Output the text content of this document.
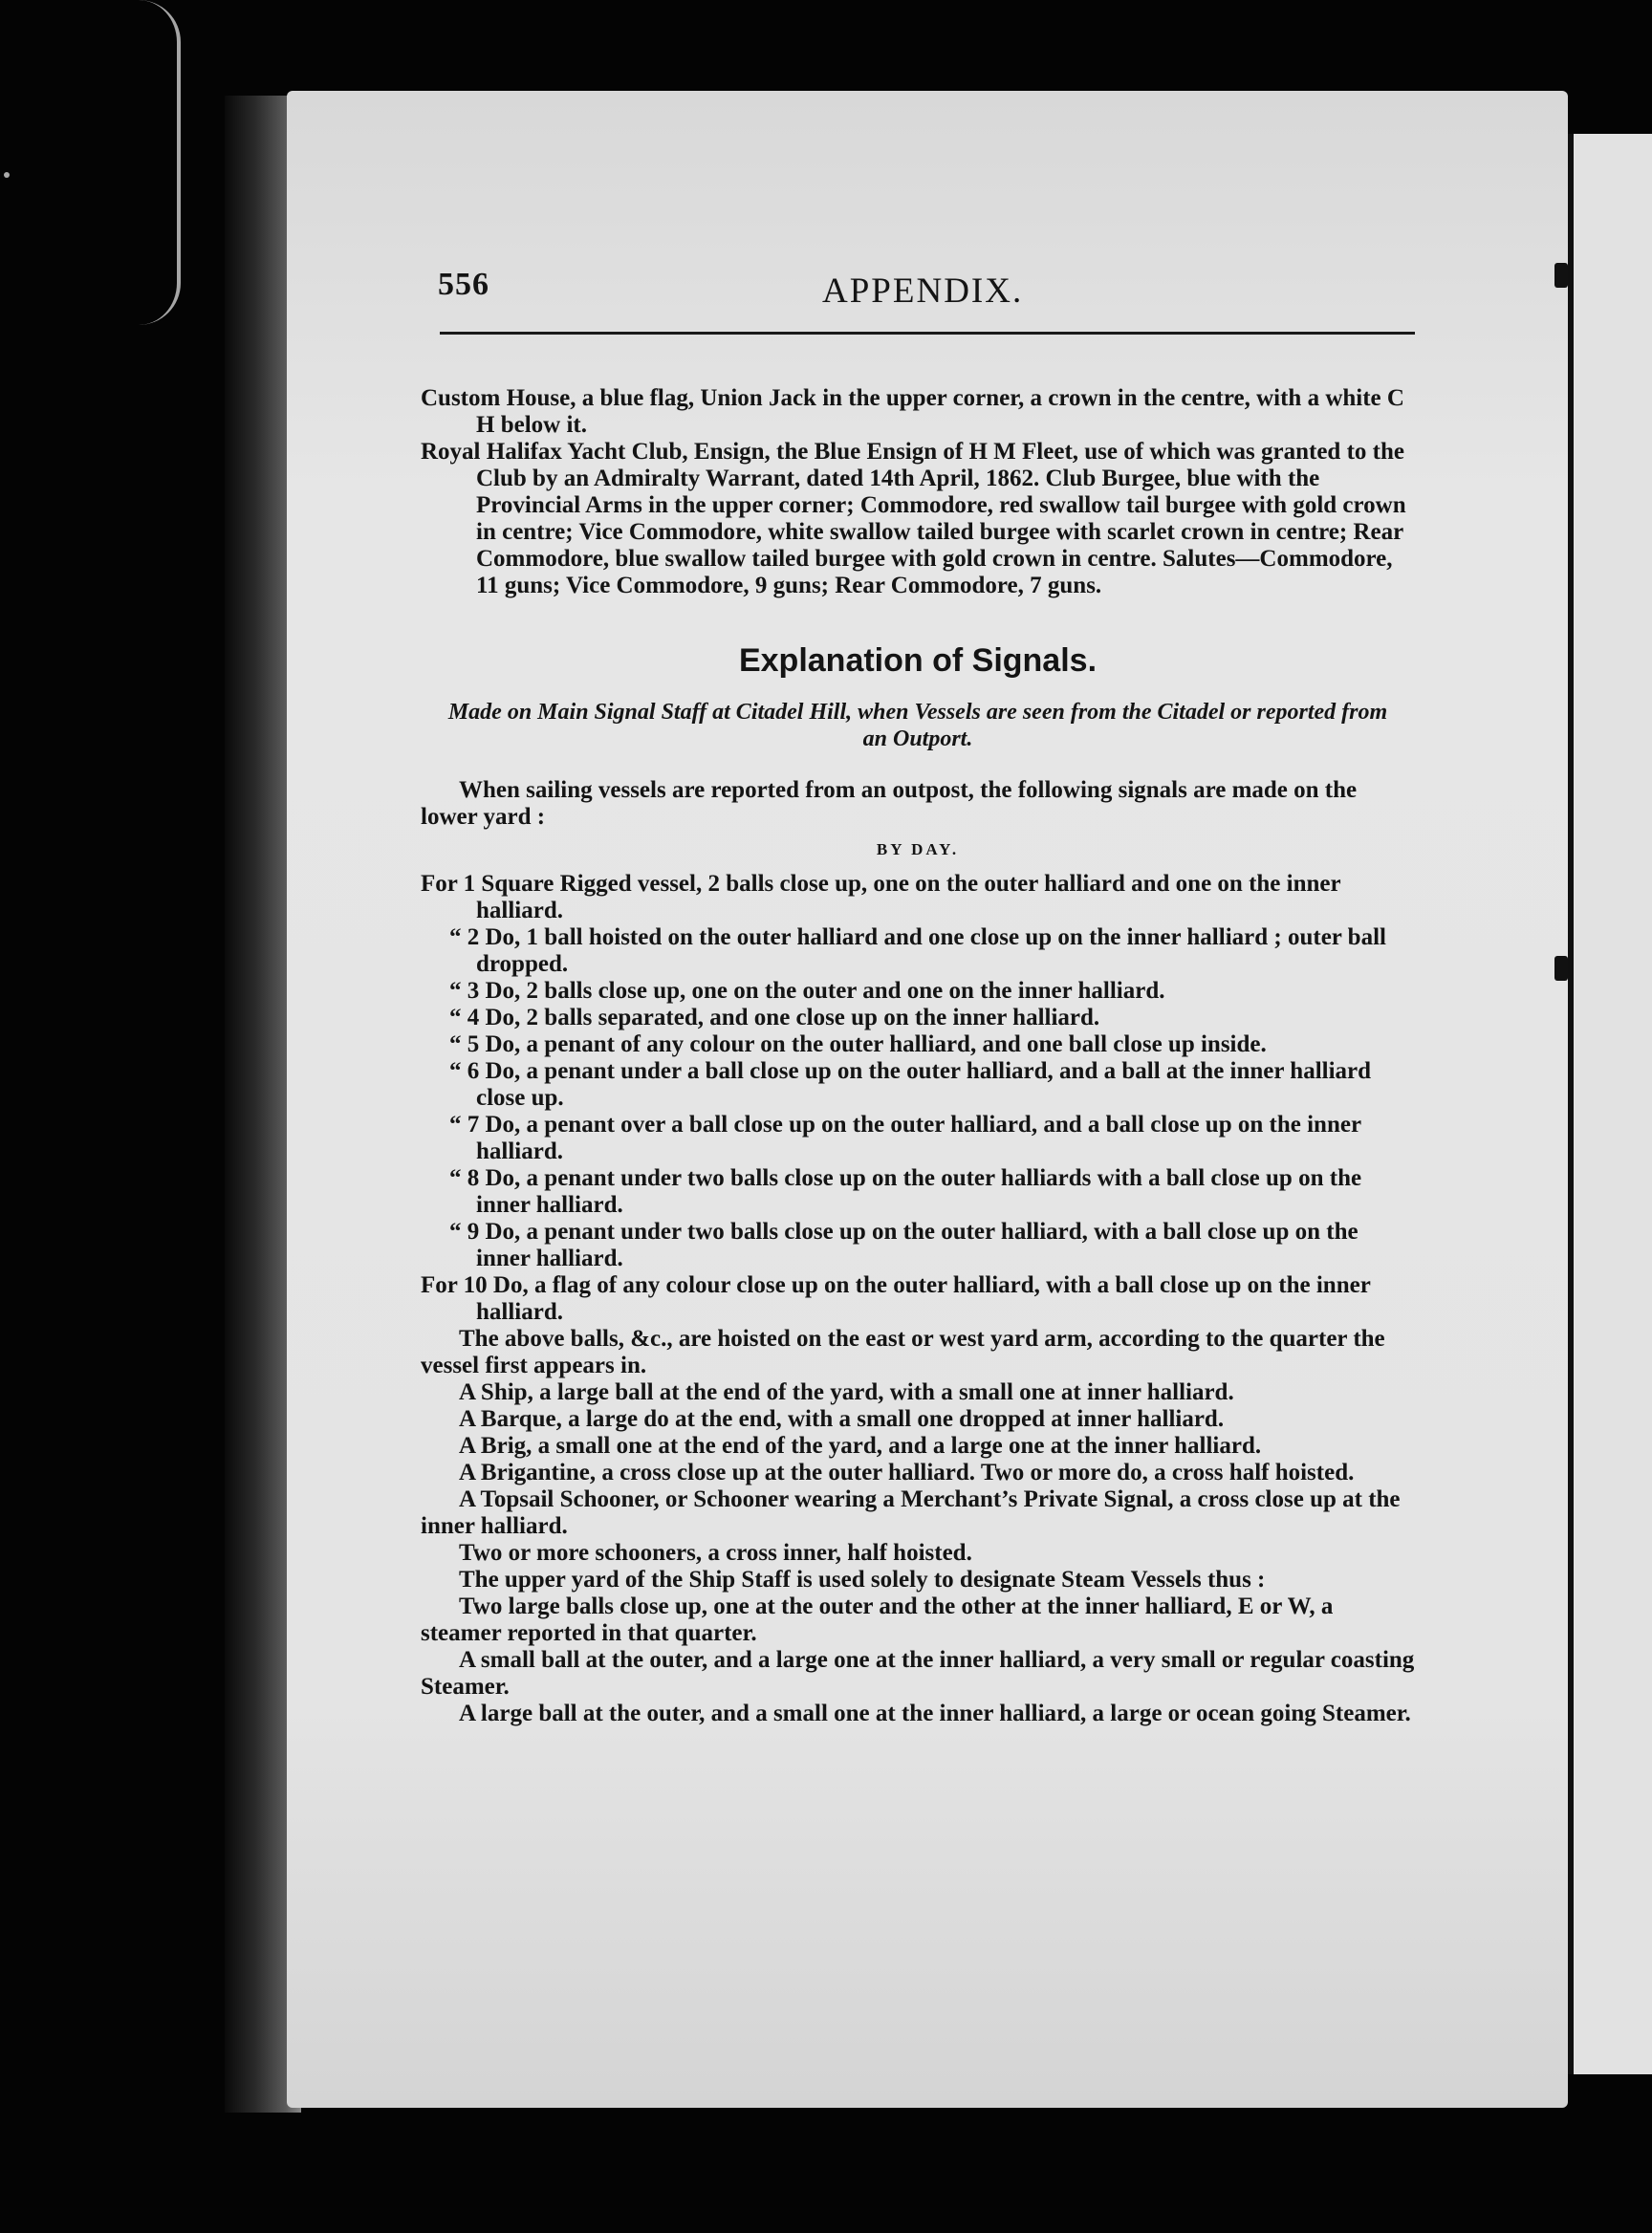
556	APPENDIX.

Custom House, a blue flag, Union Jack in the upper corner, a crown in the centre, with a white C H below it.

Royal Halifax Yacht Club, Ensign, the Blue Ensign of H M Fleet, use of which was granted to the Club by an Admiralty Warrant, dated 14th April, 1862. Club Burgee, blue with the Provincial Arms in the upper corner; Commodore, red swallow tail burgee with gold crown in centre; Vice Commodore, white swallow tailed burgee with scarlet crown in centre; Rear Commodore, blue swallow tailed burgee with gold crown in centre. Salutes—Commodore, 11 guns; Vice Commodore, 9 guns; Rear Commodore, 7 guns.

Explanation of Signals.
Made on Main Signal Staff at Citadel Hill, when Vessels are seen from the Citadel or reported from an Outport.

When sailing vessels are reported from an outpost, the following signals are made on the lower yard :

BY DAY.

For 1 Square Rigged vessel, 2 balls close up, one on the outer halliard and one on the inner halliard.

“ 2 Do, 1 ball hoisted on the outer halliard and one close up on the inner halliard ; outer ball dropped.

“ 3 Do, 2 balls close up, one on the outer and one on the inner halliard.

“ 4 Do, 2 balls separated, and one close up on the inner halliard.

“ 5 Do, a penant of any colour on the outer halliard, and one ball close up inside.

“ 6 Do, a penant under a ball close up on the outer halliard, and a ball at the inner halliard close up.

“ 7 Do, a penant over a ball close up on the outer halliard, and a ball close up on the inner halliard.

“ 8 Do, a penant under two balls close up on the outer halliards with a ball close up on the inner halliard.

“ 9 Do, a penant under two balls close up on the outer halliard, with a ball close up on the inner halliard.

For 10 Do, a flag of any colour close up on the outer halliard, with a ball close up on the inner halliard.

The above balls, &c., are hoisted on the east or west yard arm, according to the quarter the vessel first appears in.

A Ship, a large ball at the end of the yard, with a small one at inner halliard.

A Barque, a large do at the end, with a small one dropped at inner halliard.

A Brig, a small one at the end of the yard, and a large one at the inner halliard.

A Brigantine, a cross close up at the outer halliard. Two or more do, a cross half hoisted.

A Topsail Schooner, or Schooner wearing a Merchant’s Private Signal, a cross close up at the inner halliard.

Two or more schooners, a cross inner, half hoisted.

The upper yard of the Ship Staff is used solely to designate Steam Vessels thus :

Two large balls close up, one at the outer and the other at the inner halliard, E or W, a steamer reported in that quarter.

A small ball at the outer, and a large one at the inner halliard, a very small or regular coasting Steamer.

A large ball at the outer, and a small one at the inner halliard, a large or ocean going Steamer.
